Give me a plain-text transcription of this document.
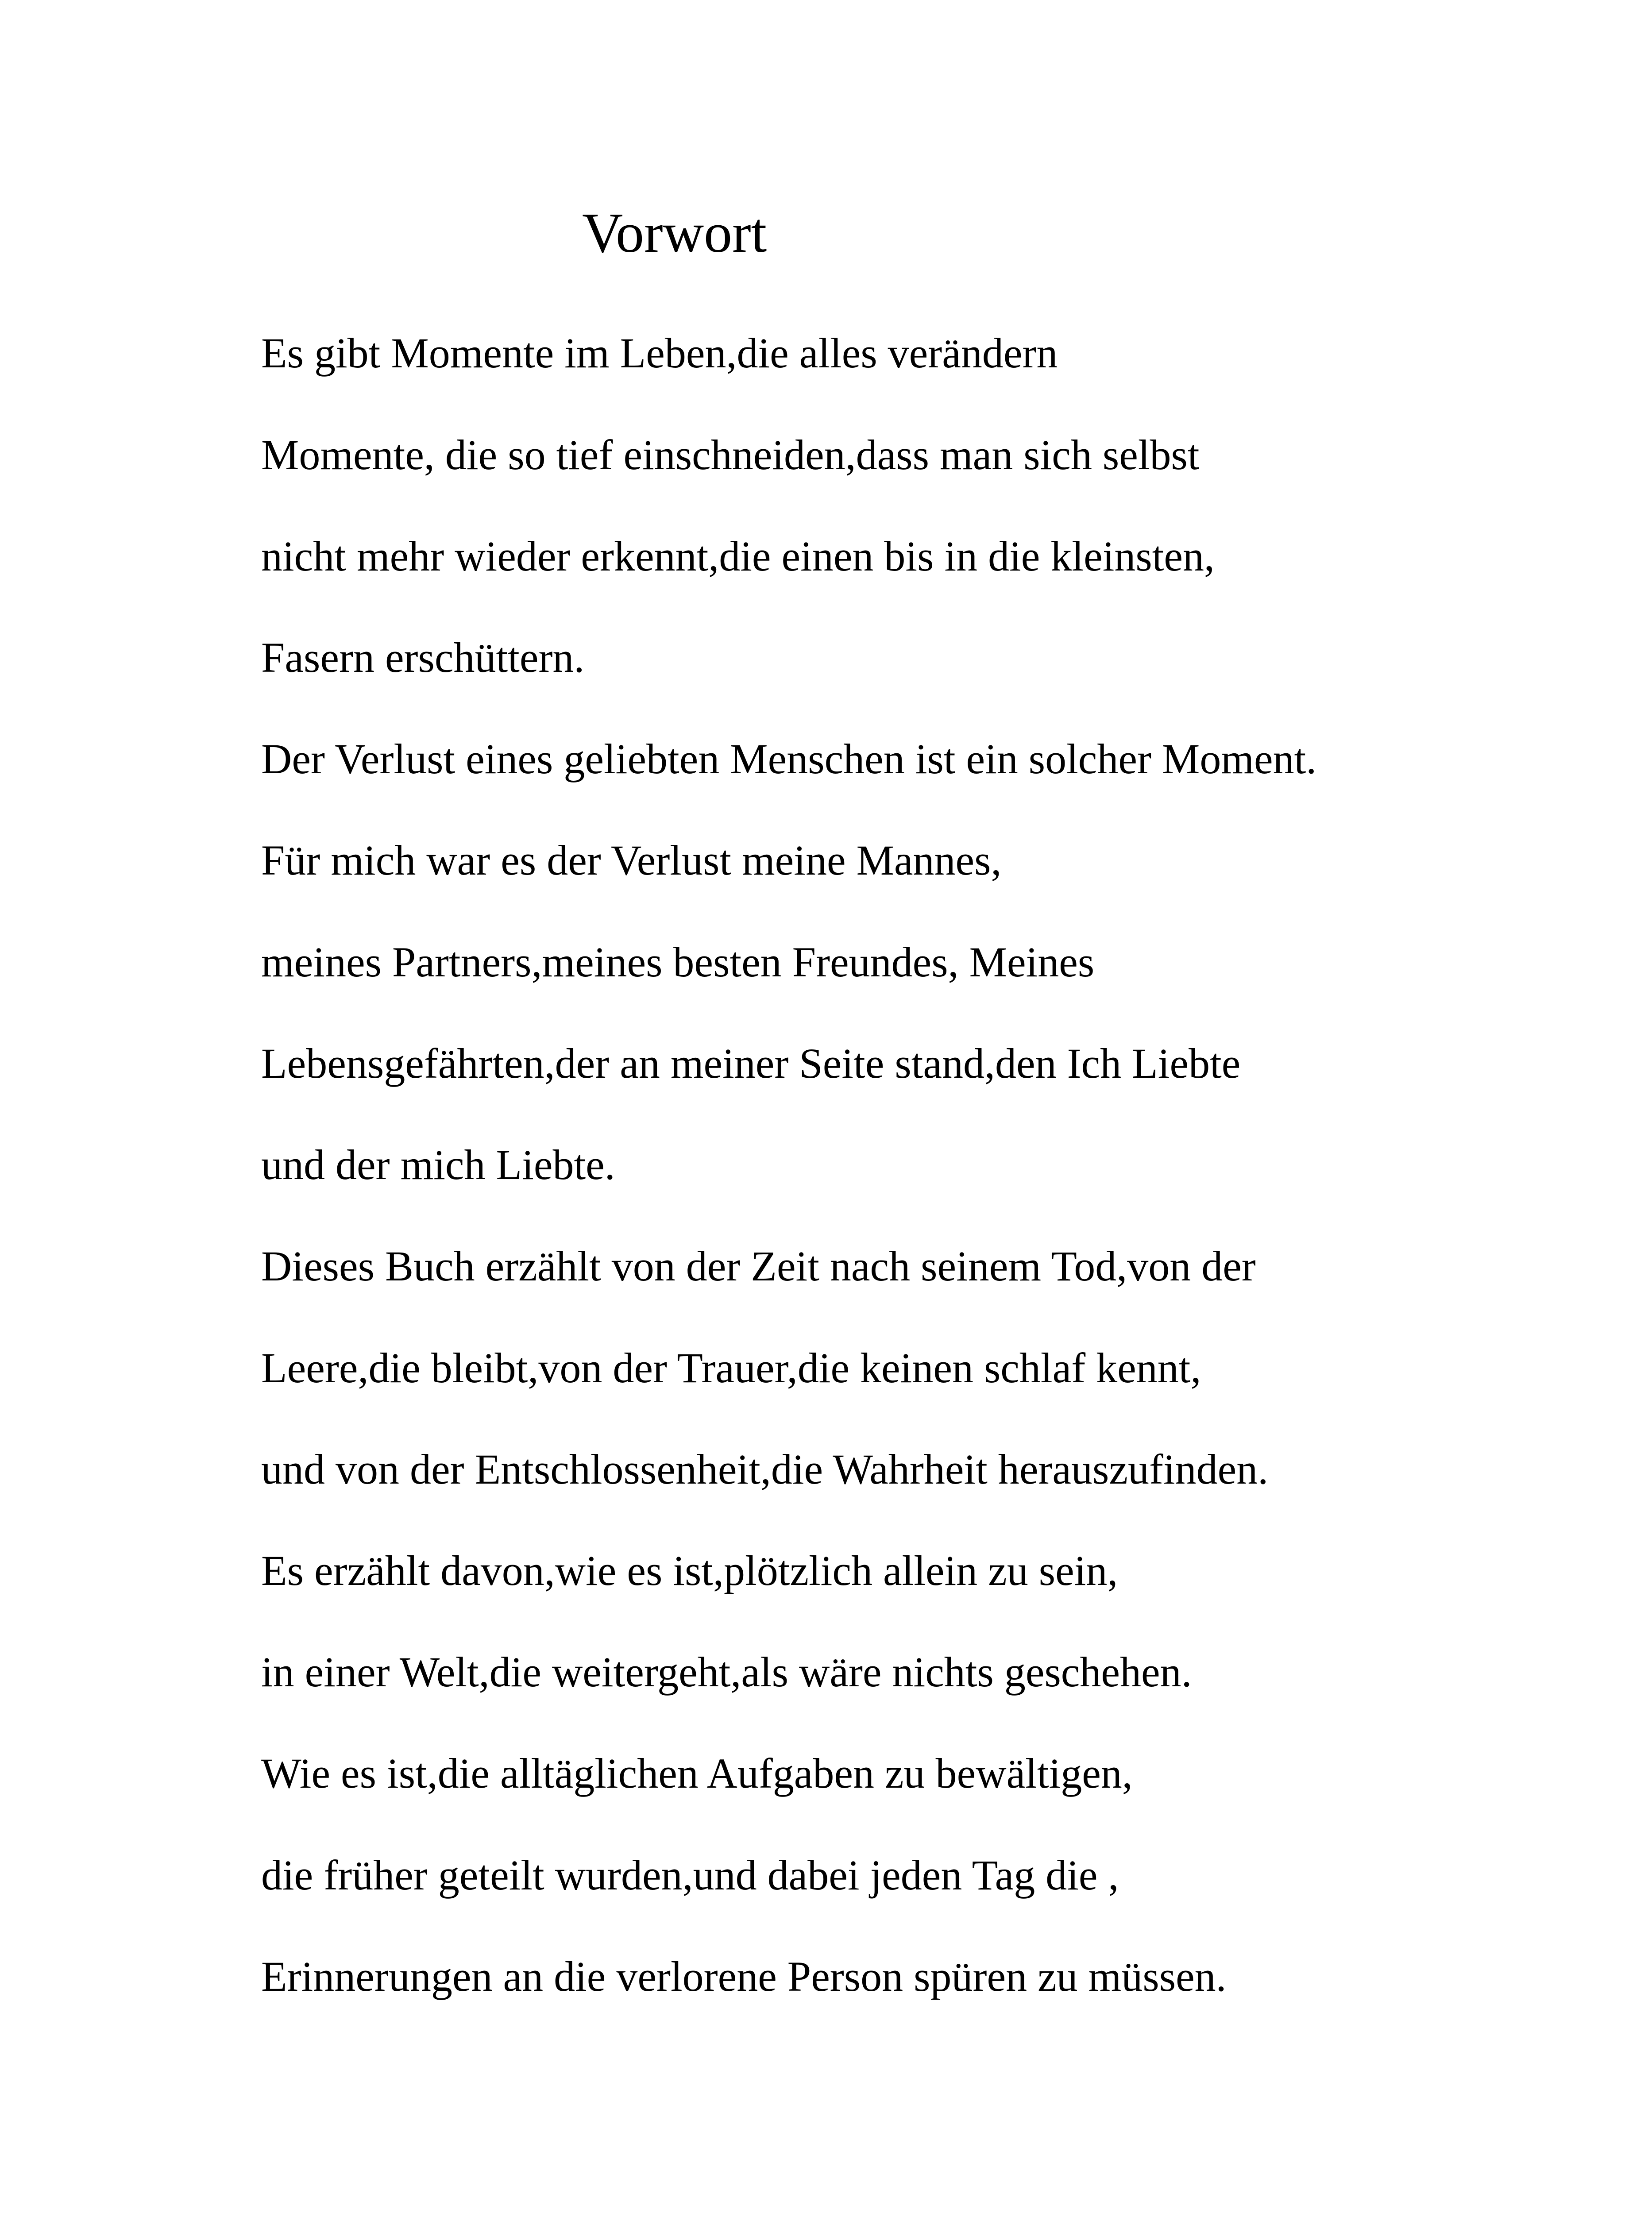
Vorwort
Es gibt Momente im Leben,die alles verändern
Momente, die so tief einschneiden,dass man sich selbst
nicht mehr wieder erkennt,die einen bis in die kleinsten,
Fasern erschüttern.
Der Verlust eines geliebten Menschen ist ein solcher Moment.
Für mich war es der Verlust meine Mannes,
meines Partners,meines besten Freundes, Meines
Lebensgefährten,der an meiner Seite stand,den Ich Liebte
und der mich Liebte.
Dieses Buch erzählt von der Zeit nach seinem Tod,von der
Leere,die bleibt,von der Trauer,die keinen schlaf kennt,
und von der Entschlossenheit,die Wahrheit herauszufinden.
Es erzählt davon,wie es ist,plötzlich allein zu sein,
in einer Welt,die weitergeht,als wäre nichts geschehen.
Wie es ist,die alltäglichen Aufgaben zu bewältigen,
die früher geteilt wurden,und dabei jeden Tag die ,
Erinnerungen an die verlorene Person spüren zu müssen.
